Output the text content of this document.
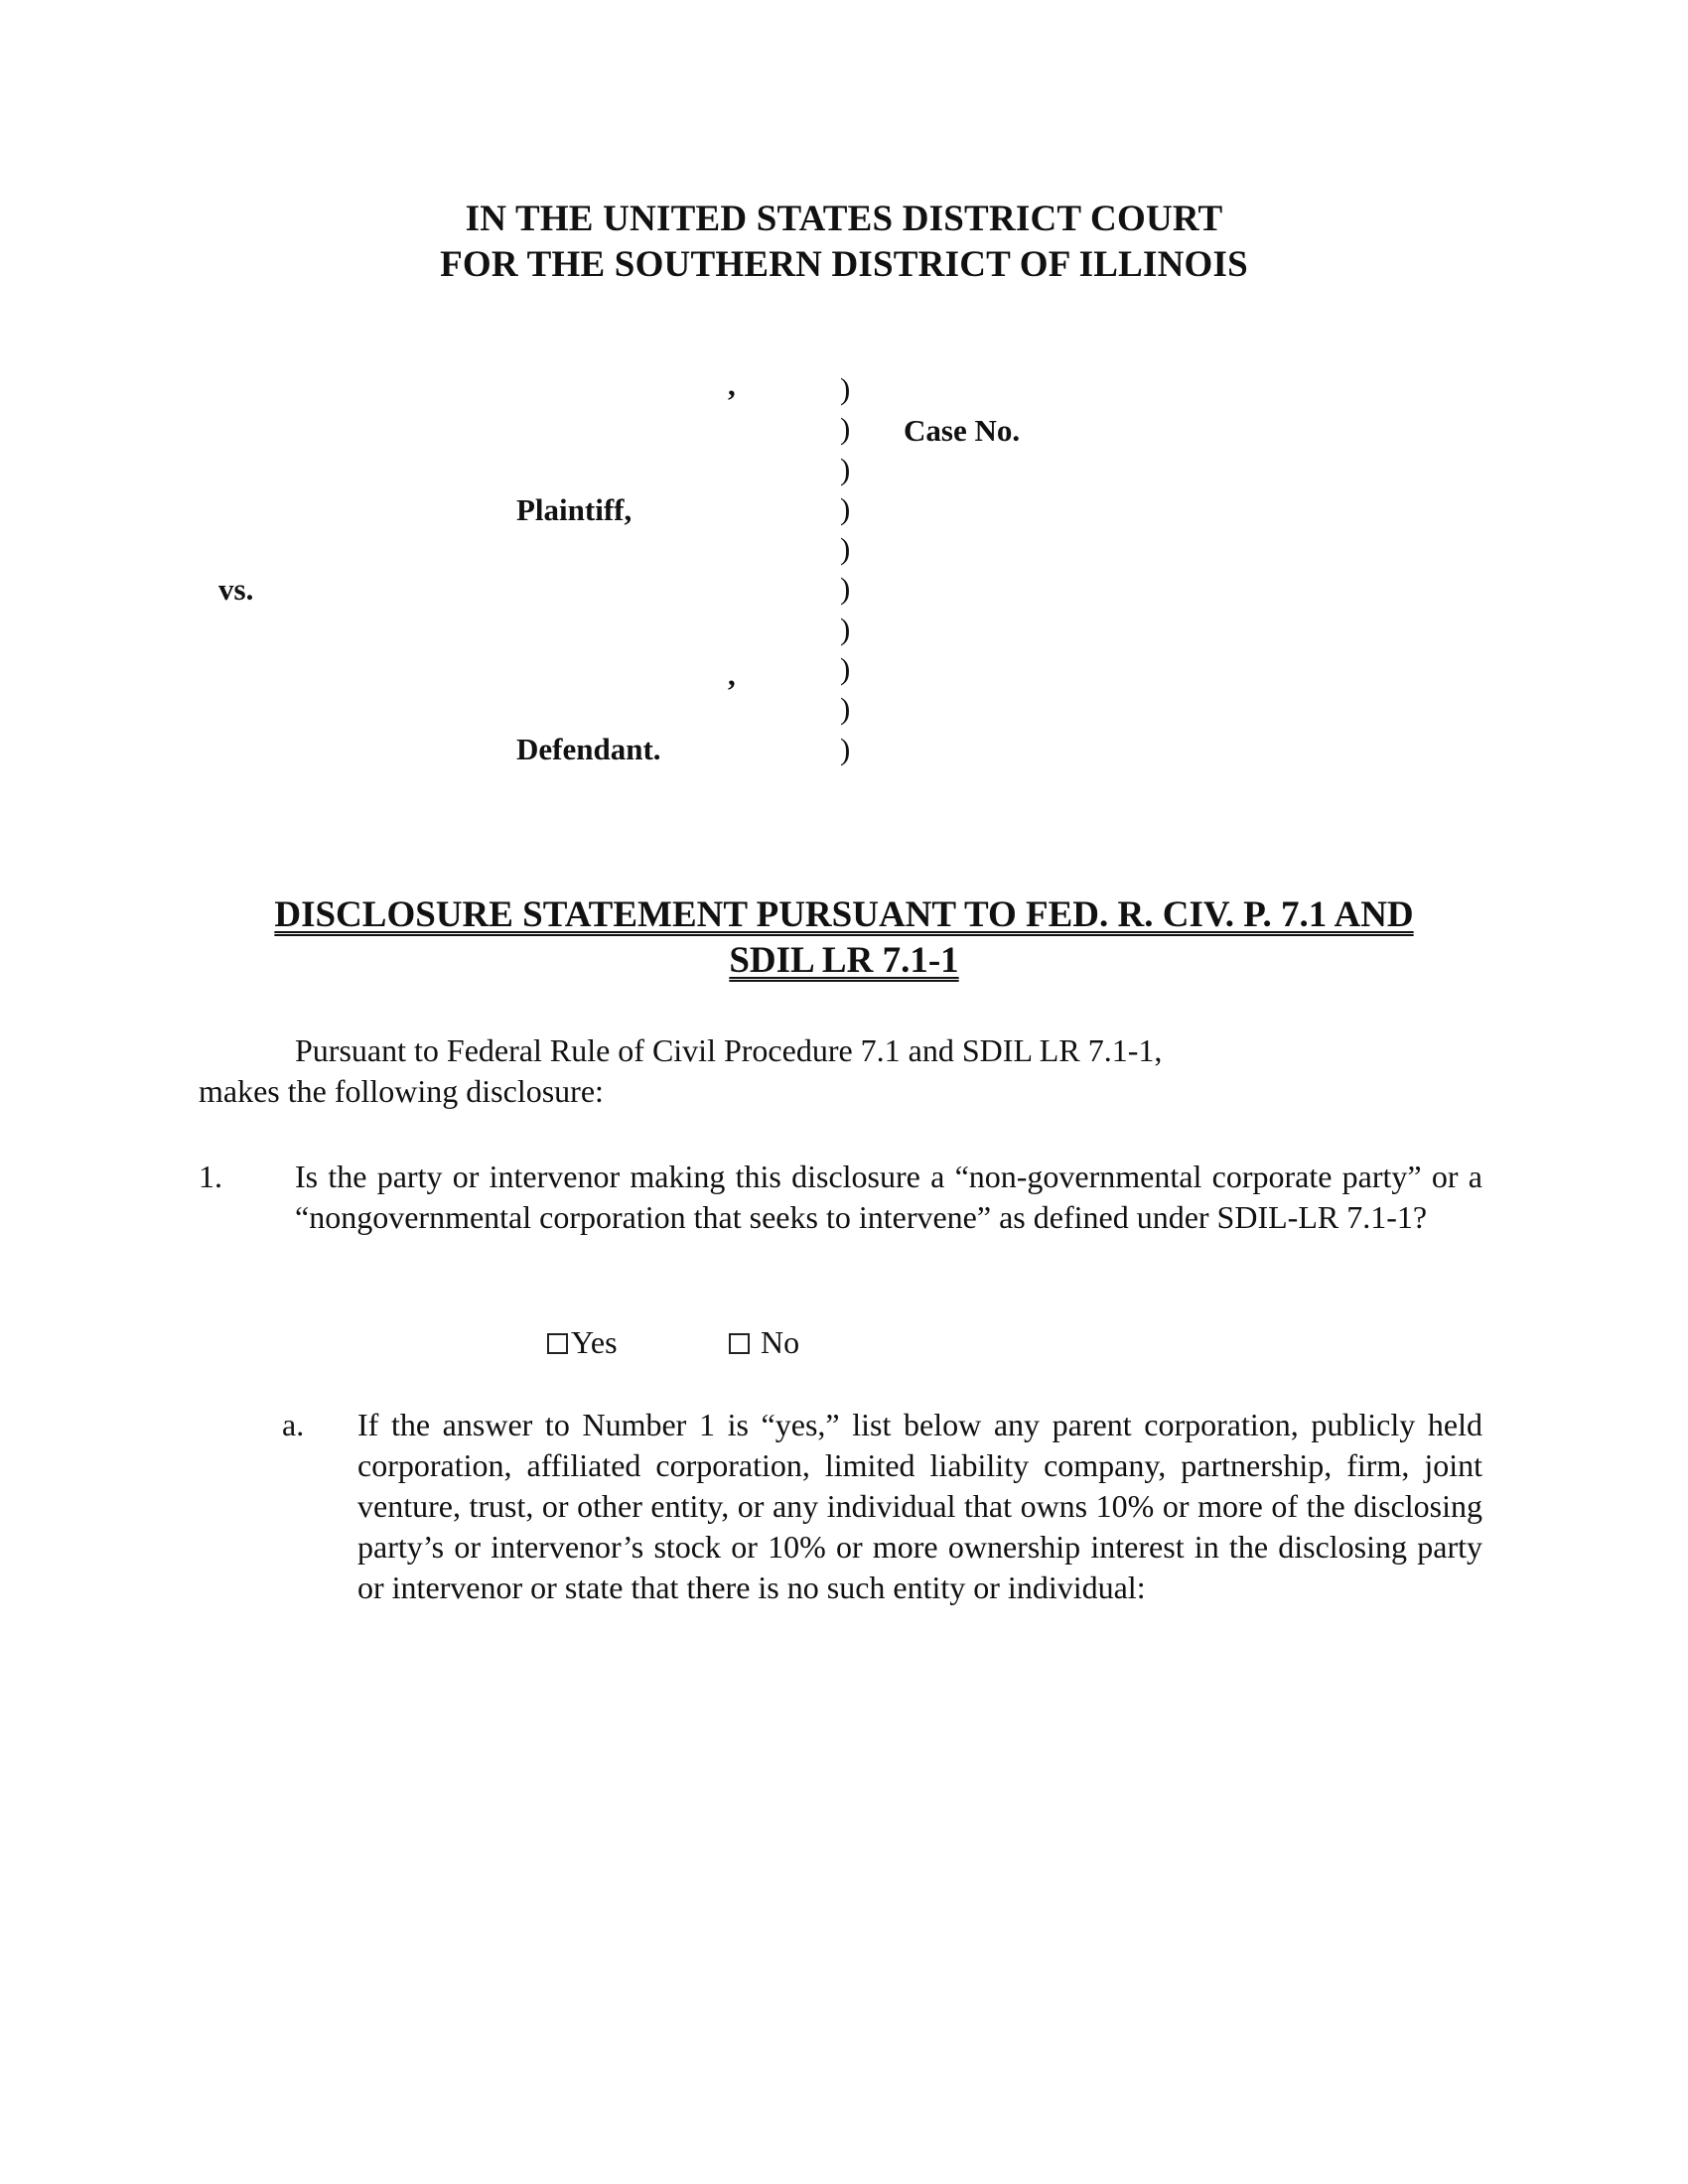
IN THE UNITED STATES DISTRICT COURT
FOR THE SOUTHERN DISTRICT OF ILLINOIS
,
Plaintiff,
vs.
,
Defendant.
Case No.
)
)
)
)
)
)
)
)
)
)
DISCLOSURE STATEMENT PURSUANT TO FED. R. CIV. P. 7.1 AND
SDIL LR 7.1-1
Pursuant to Federal Rule of Civil Procedure 7.1 and SDIL LR 7.1-1,
makes the following disclosure:
1. Is the party or intervenor making this disclosure a “non-governmental corporate party” or a “nongovernmental corporation that seeks to intervene” as defined under SDIL-LR 7.1-1?
Yes	No
a. If the answer to Number 1 is “yes,” list below any parent corporation, publicly held corporation, affiliated corporation, limited liability company, partnership, firm, joint venture, trust, or other entity, or any individual that owns 10% or more of the disclosing party’s or intervenor’s stock or 10% or more ownership interest in the disclosing party or intervenor or state that there is no such entity or individual:
